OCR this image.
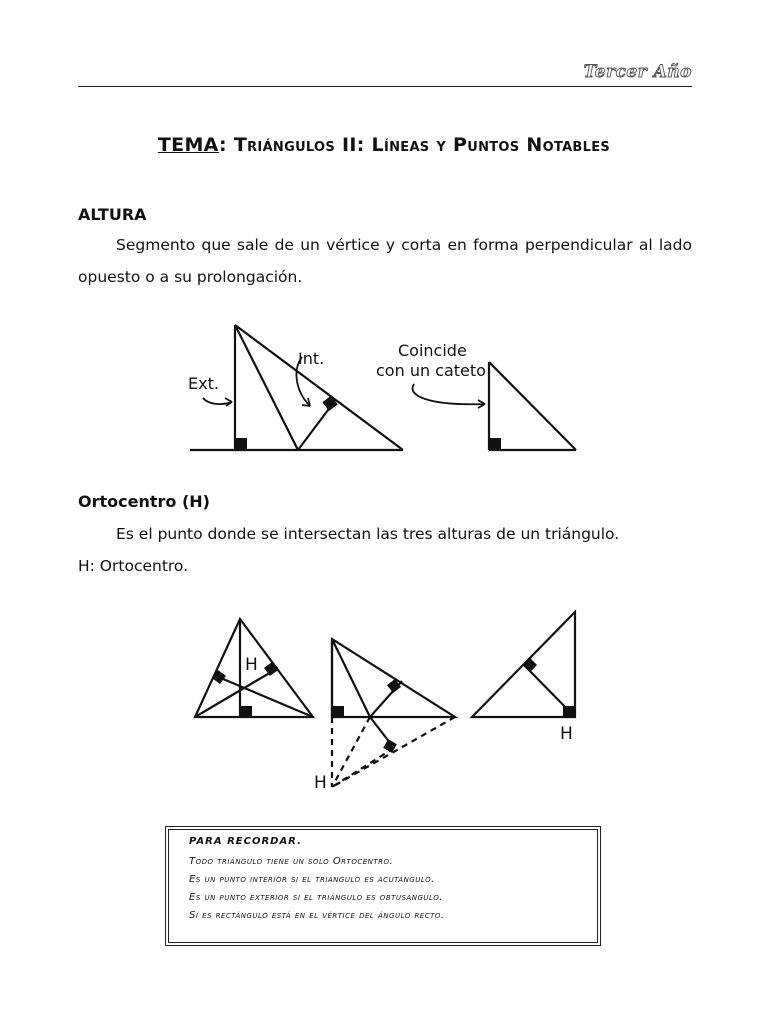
Tercer Año
TEMA: Triángulos II: Líneas y Puntos Notables
ALTURA
Segmento que sale de un vértice y corta en forma perpendicular al lado opuesto o a su prolongación.
Ext.
Int.	Coincide
con un cateto
H
H
H
Ortocentro (H)
Es el punto donde se intersectan las tres alturas de un triángulo.
H: Ortocentro.
PARA RECORDAR.
Todo triángulo tiene un solo Ortocentro.
Es un punto interior si el triángulo es acutángulo.
Es un punto exterior si el triángulo es obtusángulo.
Si es rectángulo está en el vértice del ángulo recto.
